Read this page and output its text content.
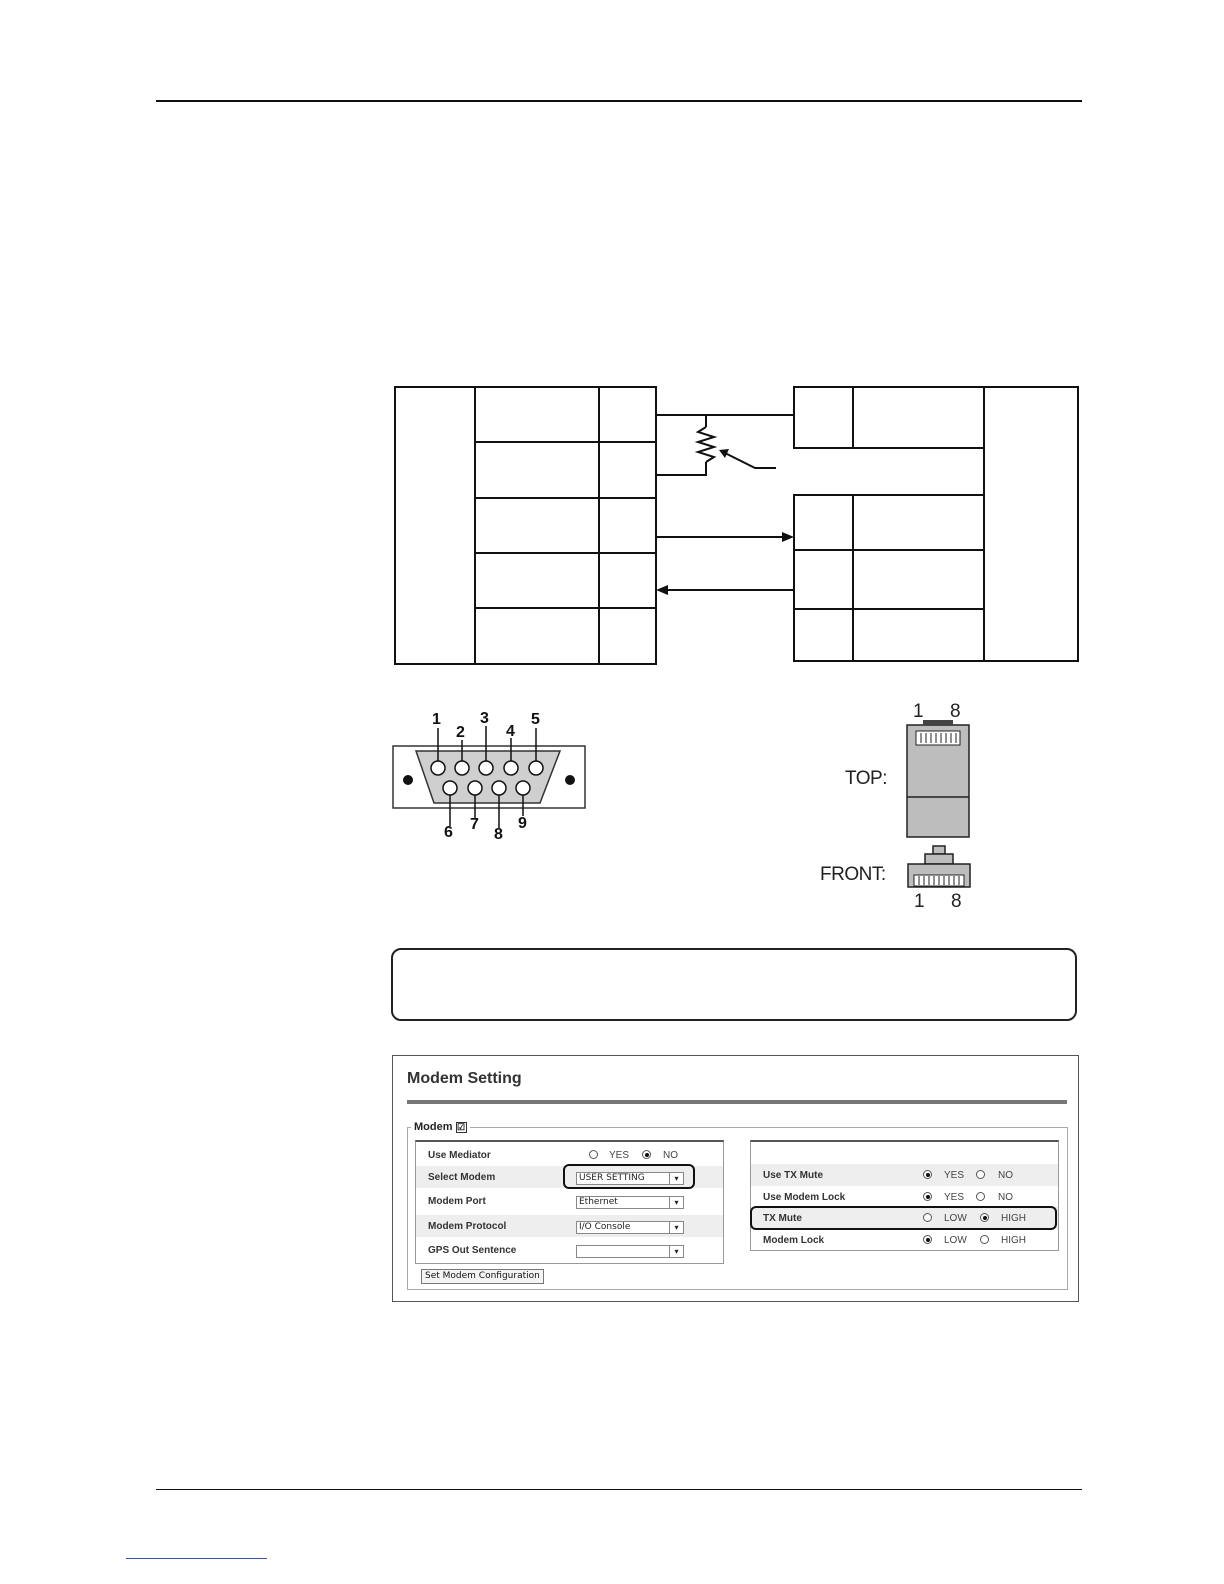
1
2
3
4
5
6 7
8
9
1 8
TOP:
FRONT:
1 8
Modem Setting
Modem ☑
Use Mediator	YES	NO
Select Modem	USER SETTING	▾
Modem Port	Ethernet	▾
Modem Protocol	I/O Console	▾
GPS Out Sentence	▾
Set Modem Configuration
Use TX Mute	YES	NO
Use Modem Lock	YES	NO
TX Mute	LOW	HIGH
Modem Lock	LOW	HIGH
